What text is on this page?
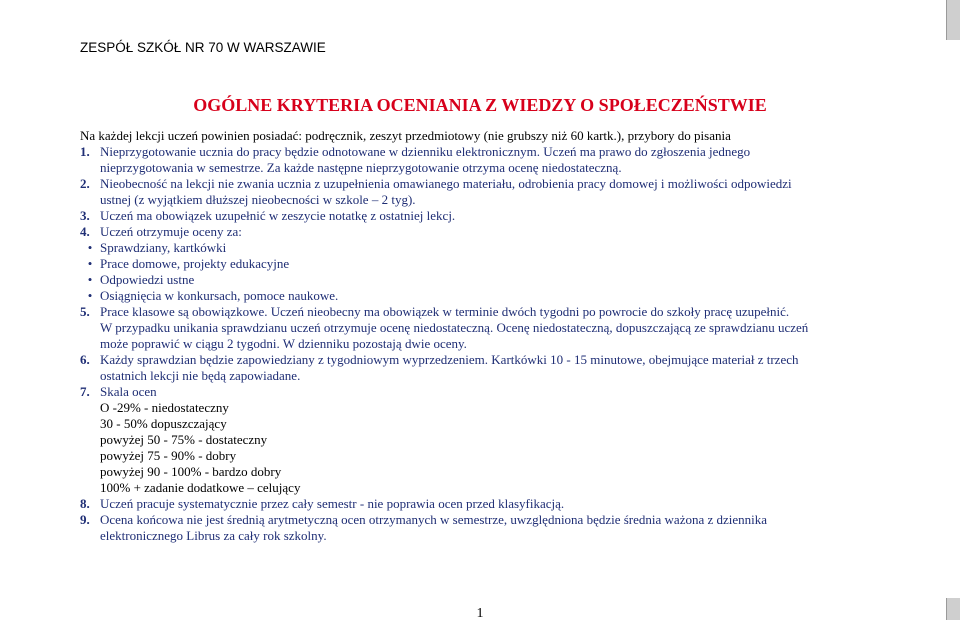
ZESPÓŁ SZKÓŁ NR 70 W WARSZAWIE
OGÓLNE KRYTERIA OCENIANIA Z WIEDZY O SPOŁECZEŃSTWIE
Na każdej lekcji uczeń powinien posiadać: podręcznik, zeszyt przedmiotowy (nie grubszy niż 60 kartk.), przybory do pisania
1. Nieprzygotowanie ucznia do pracy będzie odnotowane w dzienniku elektronicznym. Uczeń ma prawo do zgłoszenia jednego
nieprzygotowania w semestrze. Za każde następne nieprzygotowanie otrzyma ocenę niedostateczną.
2. Nieobecność na lekcji nie zwania ucznia z uzupełnienia omawianego materiału, odrobienia pracy domowej i możliwości odpowiedzi
ustnej (z wyjątkiem dłuższej nieobecności w szkole – 2 tyg).
3. Uczeń ma obowiązek uzupełnić w zeszycie notatkę z ostatniej lekcj.
4. Uczeń otrzymuje oceny za:
• Sprawdziany, kartkówki
• Prace domowe, projekty edukacyjne
• Odpowiedzi ustne
• Osiągnięcia w konkursach, pomoce naukowe.
5. Prace klasowe są obowiązkowe. Uczeń nieobecny ma obowiązek w terminie dwóch tygodni po powrocie do szkoły pracę uzupełnić.
W przypadku unikania sprawdzianu uczeń otrzymuje ocenę niedostateczną. Ocenę niedostateczną, dopuszczającą ze sprawdzianu uczeń
może poprawić w ciągu 2 tygodni. W dzienniku pozostają dwie oceny.
6. Każdy sprawdzian będzie zapowiedziany z tygodniowym wyprzedzeniem. Kartkówki 10 - 15 minutowe, obejmujące materiał z trzech
ostatnich lekcji nie będą zapowiadane.
7. Skala ocen
O -29% - niedostateczny
30 - 50% dopuszczający
powyżej 50 - 75% - dostateczny
powyżej 75 - 90% - dobry
powyżej 90 - 100% - bardzo dobry
100% + zadanie dodatkowe – celujący
8. Uczeń pracuje systematycznie przez cały semestr - nie poprawia ocen przed klasyfikacją.
9. Ocena końcowa nie jest średnią arytmetyczną ocen otrzymanych w semestrze, uwzględniona będzie średnia ważona z dziennika
elektronicznego Librus za cały rok szkolny.
1
